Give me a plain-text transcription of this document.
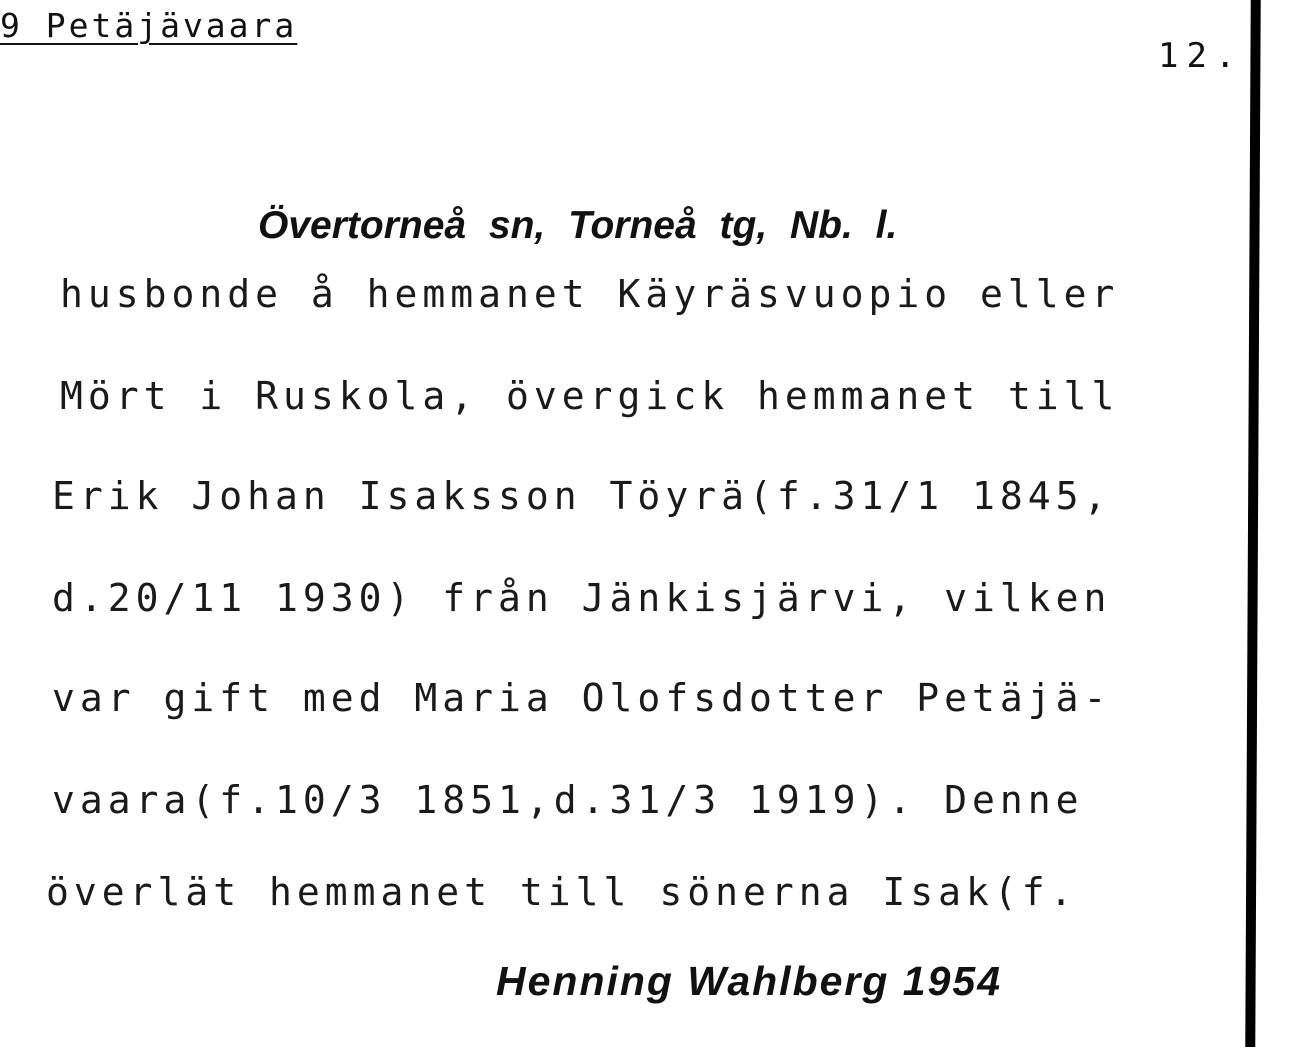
9 Petäjävaara
12.
Övertorneå sn, Torneå tg, Nb. l.
husbonde å hemmanet Käyräsvuopio eller
Mört i Ruskola, övergick hemmanet till
Erik Johan Isaksson Töyrä(f.31/1 1845,
d.20/11 1930) från Jänkisjärvi, vilken
var gift med Maria Olofsdotter Petäjä-
vaara(f.10/3 1851,d.31/3 1919). Denne
överlät hemmanet till sönerna Isak(f.
Henning Wahlberg 1954
